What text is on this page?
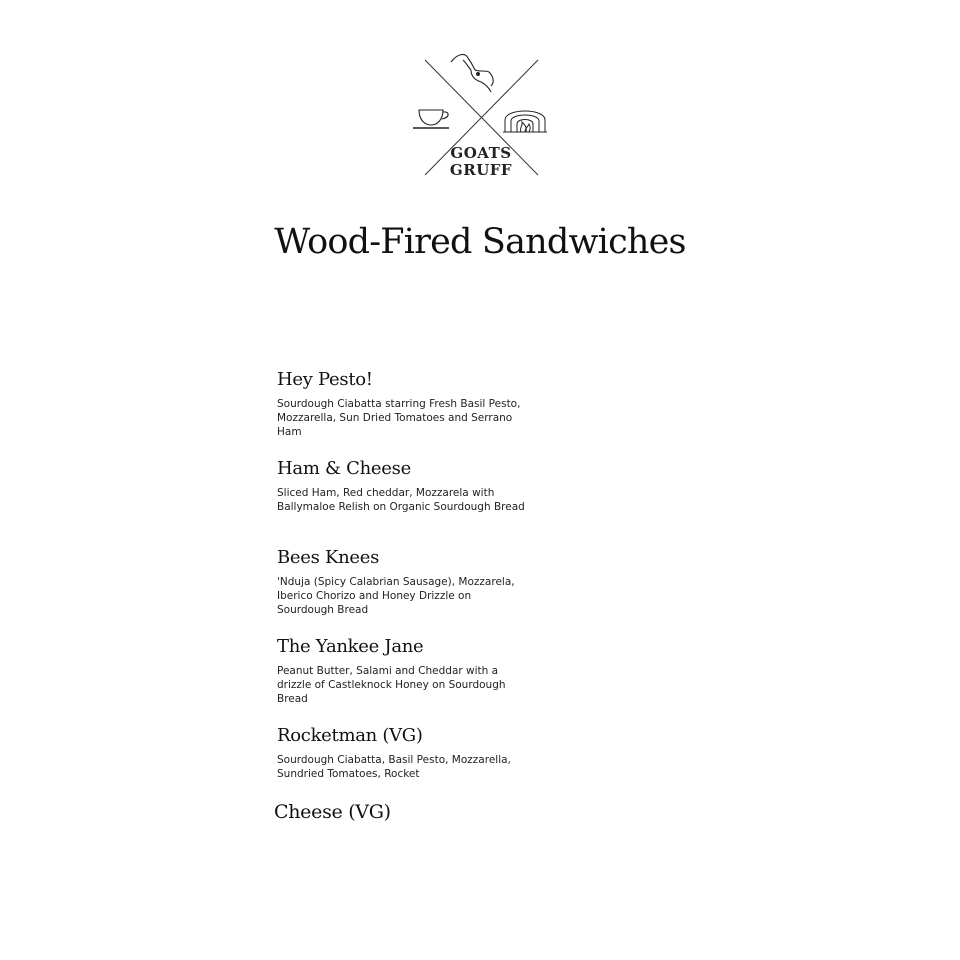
GOATS
GRUFF
Wood-Fired Sandwiches

Hey Pesto!

Sourdough Ciabatta starring Fresh Basil Pesto, Mozzarella, Sun Dried Tomatoes and Serrano Ham

Ham & Cheese

Sliced Ham, Red cheddar, Mozzarela with Ballymaloe Relish on Organic Sourdough Bread

Bees Knees

'Nduja (Spicy Calabrian Sausage), Mozzarela, Iberico Chorizo and Honey Drizzle on Sourdough Bread

The Yankee Jane

Peanut Butter, Salami and Cheddar with a drizzle of Castleknock Honey on Sourdough Bread

Rocketman (VG)

Sourdough Ciabatta, Basil Pesto, Mozzarella, Sundried Tomatoes, Rocket

Cheese (VG)
